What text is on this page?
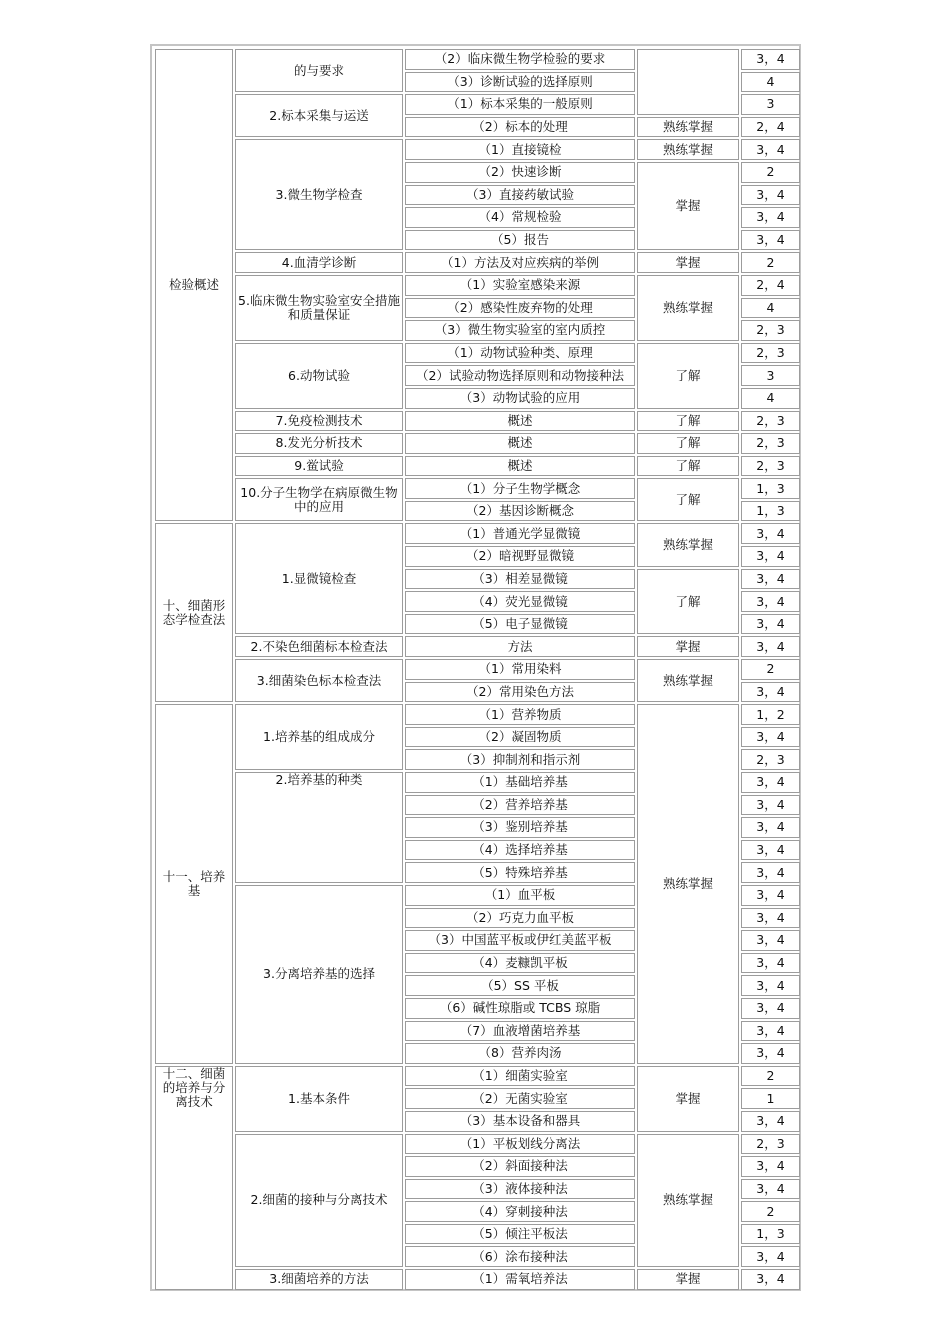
检验概述	的与要求	（2）临床微生物学检验的要求		3，4
		（3）诊断试验的选择原则		4
	2.标本采集与运送	（1）标本采集的一般原则		3
		（2）标本的处理	熟练掌握	2，4
	3.微生物学检查	（1）直接镜检	熟练掌握	3，4
		（2）快速诊断	掌握	2
		（3）直接药敏试验		3，4
		（4）常规检验		3，4
		（5）报告		3，4
	4.血清学诊断	（1）方法及对应疾病的举例	掌握	2
	5.临床微生物实验室安全措施和质量保证	（1）实验室感染来源	熟练掌握	2，4
		（2）感染性废弃物的处理		4
		（3）微生物实验室的室内质控		2，3
	6.动物试验	（1）动物试验种类、原理	了解	2，3
		（2）试验动物选择原则和动物接种法		3
		（3）动物试验的应用		4
	7.免疫检测技术	概述	了解	2，3
	8.发光分析技术	概述	了解	2，3
	9.鲎试验	概述	了解	2，3
	10.分子生物学在病原微生物中的应用	（1）分子生物学概念	了解	1，3
		（2）基因诊断概念		1，3
十、细菌形态学检查法	1.显微镜检查	（1）普通光学显微镜	熟练掌握	3，4
		（2）暗视野显微镜		3，4
		（3）相差显微镜	了解	3，4
		（4）荧光显微镜		3，4
		（5）电子显微镜		3，4
	2.不染色细菌标本检查法	方法	掌握	3，4
	3.细菌染色标本检查法	（1）常用染料	熟练掌握	2
		（2）常用染色方法		3，4
十一、培养基	1.培养基的组成成分	（1）营养物质	熟练掌握	1，2
		（2）凝固物质		3，4
		（3）抑制剂和指示剂		2，3
	2.培养基的种类	（1）基础培养基		3，4
		（2）营养培养基		3，4
		（3）鉴别培养基		3，4
		（4）选择培养基		3，4
		（5）特殊培养基		3，4
	3.分离培养基的选择	（1）血平板		3，4
		（2）巧克力血平板		3，4
		（3）中国蓝平板或伊红美蓝平板		3，4
		（4）麦糠凯平板		3，4
		（5）SS 平板		3，4
		（6）碱性琼脂或 TCBS 琼脂		3，4
		（7）血液增菌培养基		3，4
		（8）营养肉汤		3，4
十二、细菌的培养与分离技术	1.基本条件	（1）细菌实验室	掌握	2
		（2）无菌实验室		1
		（3）基本设备和器具		3，4
	2.细菌的接种与分离技术	（1）平板划线分离法	熟练掌握	2，3
		（2）斜面接种法		3，4
		（3）液体接种法		3，4
		（4）穿刺接种法		2
		（5）倾注平板法		1，3
		（6）涂布接种法		3，4
	3.细菌培养的方法	（1）需氧培养法	掌握	3，4
